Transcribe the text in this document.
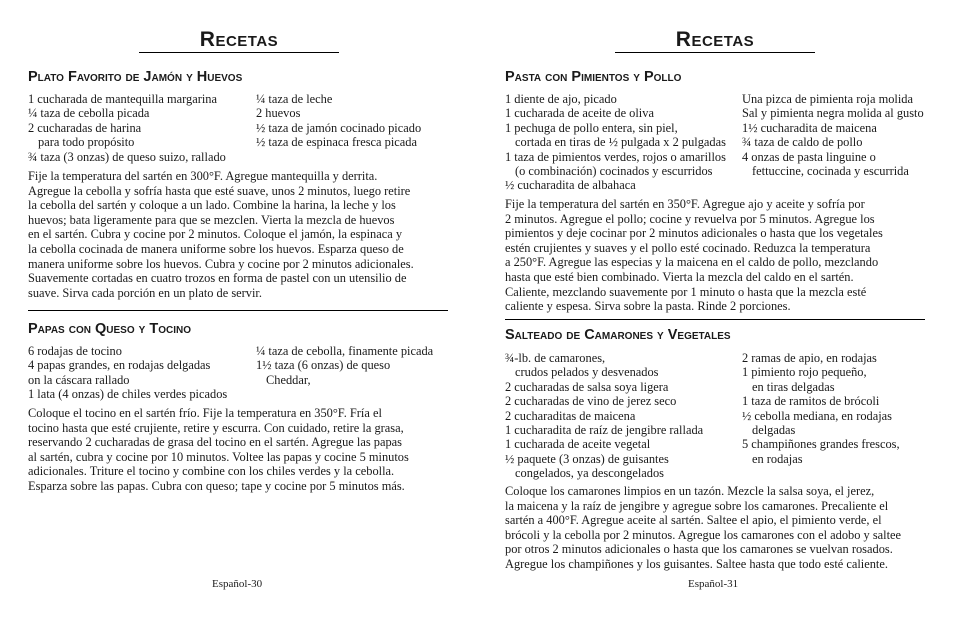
Recetas
Plato Favorito de Jamón y Huevos
1 cucharada de mantequilla margarina
¼ taza de cebolla picada
2 cucharadas de harina
para todo propósito
¾ taza (3 onzas) de queso suizo, rallado
¼ taza de leche
2 huevos
½ taza de jamón cocinado picado
½ taza de espinaca fresca picada
Fije la temperatura del sartén en 300°F. Agregue mantequilla y derrita.
Agregue la cebolla y sofría hasta que esté suave, unos 2 minutos, luego retire
la cebolla del sartén y coloque a un lado. Combine la harina, la leche y los
huevos; bata ligeramente para que se mezclen. Vierta la mezcla de huevos
en el sartén. Cubra y cocine por 2 minutos. Coloque el jamón, la espinaca y
la cebolla cocinada de manera uniforme sobre los huevos. Esparza queso de
manera uniforme sobre los huevos. Cubra y cocine por 2 minutos adicionales.
Suavemente cortadas en cuatro trozos en forma de pastel con un utensilio de
suave. Sirva cada porción en un plato de servir.
Papas con Queso y Tocino
6 rodajas de tocino
4 papas grandes, en rodajas delgadas
on la cáscara rallado
1 lata (4 onzas) de chiles verdes picados
¼ taza de cebolla, finamente picada
1½ taza (6 onzas) de queso
Cheddar,
Coloque el tocino en el sartén frío. Fije la temperatura en 350°F. Fría el
tocino hasta que esté crujiente, retire y escurra. Con cuidado, retire la grasa,
reservando 2 cucharadas de grasa del tocino en el sartén. Agregue las papas
al sartén, cubra y cocine por 10 minutos. Voltee las papas y cocine 5 minutos
adicionales. Triture el tocino y combine con los chiles verdes y la cebolla.
Esparza sobre las papas. Cubra con queso; tape y cocine por 5 minutos más.
Español-30
Recetas
Pasta con Pimientos y Pollo
1 diente de ajo, picado
1 cucharada de aceite de oliva
1 pechuga de pollo entera, sin piel,
cortada en tiras de ½ pulgada x 2 pulgadas
1 taza de pimientos verdes, rojos o amarillos
(o combinación) cocinados y escurridos
½ cucharadita de albahaca
Una pizca de pimienta roja molida
Sal y pimienta negra molida al gusto
1½ cucharadita de maicena
¾ taza de caldo de pollo
4 onzas de pasta linguine o
fettuccine, cocinada y escurrida
Fije la temperatura del sartén en 350°F. Agregue ajo y aceite y sofría por
2 minutos. Agregue el pollo; cocine y revuelva por 5 minutos. Agregue los
pimientos y deje cocinar por 2 minutos adicionales o hasta que los vegetales
estén crujientes y suaves y el pollo esté cocinado. Reduzca la temperatura
a 250°F. Agregue las especias y la maicena en el caldo de pollo, mezclando
hasta que esté bien combinado. Vierta la mezcla del caldo en el sartén.
Caliente, mezclando suavemente por 1 minuto o hasta que la mezcla esté
caliente y espesa. Sirva sobre la pasta. Rinde 2 porciones.
Salteado de Camarones y Vegetales
¾-lb. de camarones,
crudos pelados y desvenados
2 cucharadas de salsa soya ligera
2 cucharadas de vino de jerez seco
2 cucharaditas de maicena
1 cucharadita de raíz de jengibre rallada
1 cucharada de aceite vegetal
½ paquete (3 onzas) de guisantes
congelados, ya descongelados
2 ramas de apio, en rodajas
1 pimiento rojo pequeño,
en tiras delgadas
1 taza de ramitos de brócoli
½ cebolla mediana, en rodajas
delgadas
5 champiñones grandes frescos,
en rodajas
Coloque los camarones limpios en un tazón. Mezcle la salsa soya, el jerez,
la maicena y la raíz de jengibre y agregue sobre los camarones. Precaliente el
sartén a 400°F. Agregue aceite al sartén. Saltee el apio, el pimiento verde, el
brócoli y la cebolla por 2 minutos. Agregue los camarones con el adobo y saltee
por otros 2 minutos adicionales o hasta que los camarones se vuelvan rosados.
Agregue los champiñones y los guisantes. Saltee hasta que todo esté caliente.
Español-31
